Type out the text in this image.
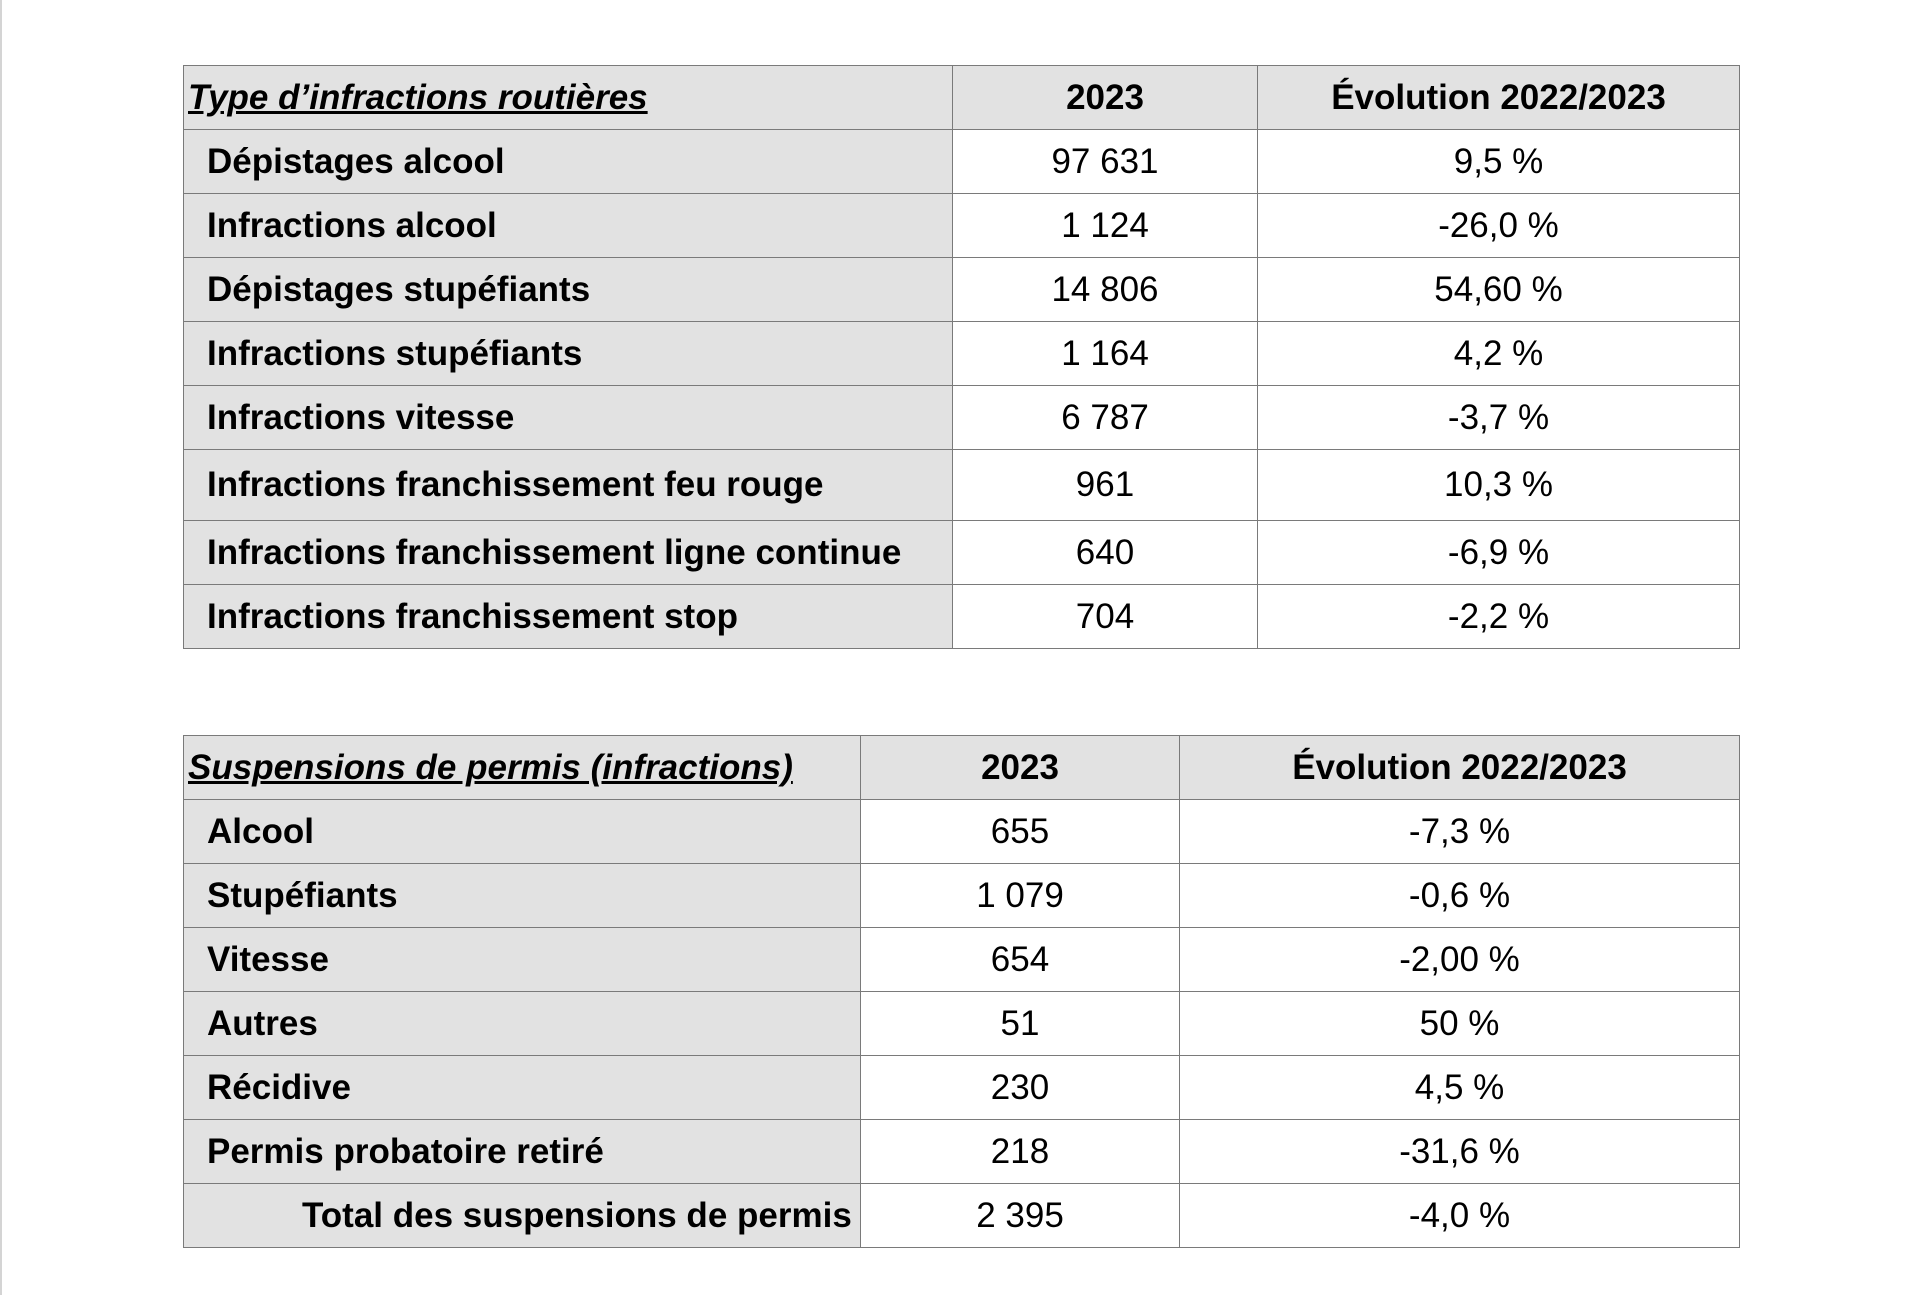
Type d’infractions routières	2023	Évolution 2022/2023
Dépistages alcool	97 631	9,5 %
Infractions alcool	1 124	-26,0 %
Dépistages stupéfiants	14 806	54,60 %
Infractions stupéfiants	1 164	4,2 %
Infractions vitesse	6 787	-3,7 %
Infractions franchissement feu rouge	961	10,3 %
Infractions franchissement ligne continue	640	-6,9 %
Infractions franchissement stop	704	-2,2 %
Suspensions de permis (infractions)	2023	Évolution 2022/2023
Alcool	655	-7,3 %
Stupéfiants	1 079	-0,6 %
Vitesse	654	-2,00 %
Autres	51	50 %
Récidive	230	4,5 %
Permis probatoire retiré	218	-31,6 %
Total des suspensions de permis	2 395	-4,0 %
